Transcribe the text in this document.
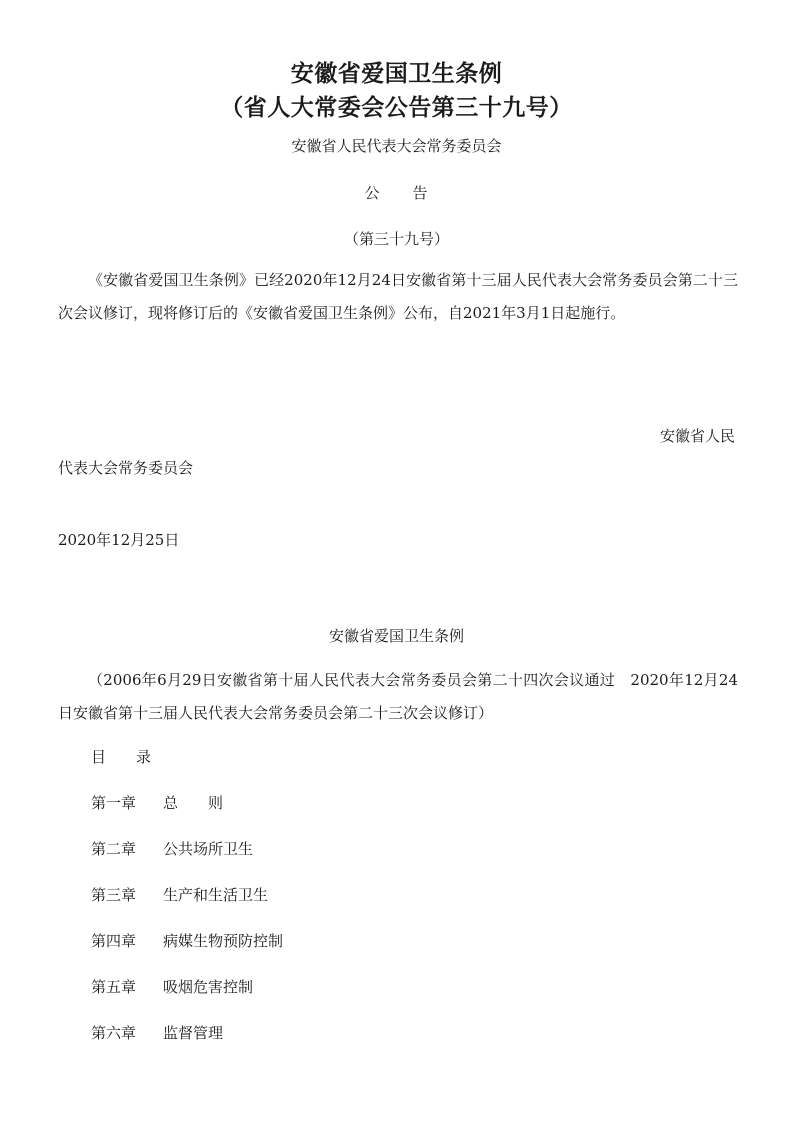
安徽省爱国卫生条例
（省人大常委会公告第三十九号）
安徽省人民代表大会常务委员会
公　　告
（第三十九号）
《安徽省爱国卫生条例》已经2020年12月24日安徽省第十三届人民代表大会常务委员会第二十三次会议修订，现将修订后的《安徽省爱国卫生条例》公布，自2021年3月1日起施行。
安徽省人民
代表大会常务委员会
2020年12月25日
安徽省爱国卫生条例
（2006年6月29日安徽省第十届人民代表大会常务委员会第二十四次会议通过　2020年12月24日安徽省第十三届人民代表大会常务委员会第二十三次会议修订）
目　　录
第一章 总　　则
第二章 公共场所卫生
第三章 生产和生活卫生
第四章 病媒生物预防控制
第五章 吸烟危害控制
第六章 监督管理
